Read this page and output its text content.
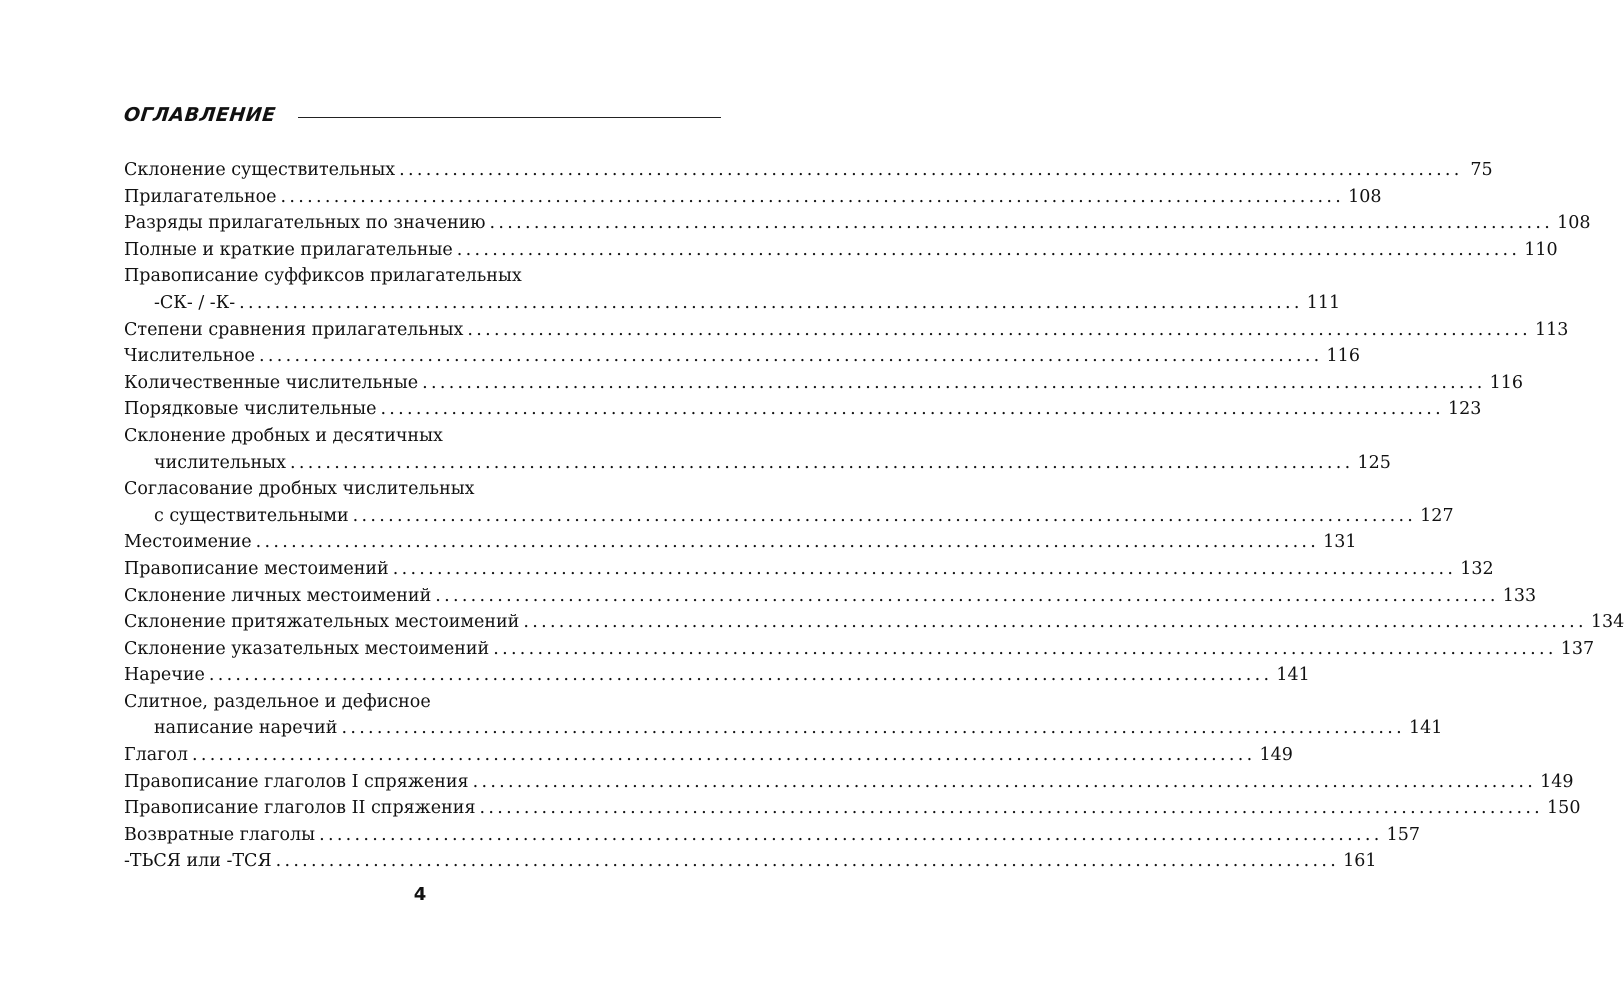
ОГЛАВЛЕНИЕ
Склонение существительных ........................................................................................................................ 75
Прилагательное ........................................................................................................................ 108
Разряды прилагательных по значению ........................................................................................................................ 108
Полные и краткие прилагательные ........................................................................................................................ 110
Правописание суффиксов прилагательных
-СК- / -К- ........................................................................................................................ 111
Степени сравнения прилагательных ........................................................................................................................ 113
Числительное ........................................................................................................................ 116
Количественные числительные ........................................................................................................................ 116
Порядковые числительные ........................................................................................................................ 123
Склонение дробных и десятичных
числительных ........................................................................................................................ 125
Согласование дробных числительных
с существительными ........................................................................................................................ 127
Местоимение ........................................................................................................................ 131
Правописание местоимений ........................................................................................................................ 132
Склонение личных местоимений ........................................................................................................................ 133
Склонение притяжательных местоимений ........................................................................................................................ 134
Склонение указательных местоимений ........................................................................................................................ 137
Наречие ........................................................................................................................ 141
Слитное, раздельное и дефисное
написание наречий ........................................................................................................................ 141
Глагол ........................................................................................................................ 149
Правописание глаголов I спряжения ........................................................................................................................ 149
Правописание глаголов II спряжения ........................................................................................................................ 150
Возвратные глаголы ........................................................................................................................ 157
-ТЬСЯ или -ТСЯ ........................................................................................................................ 161
4
